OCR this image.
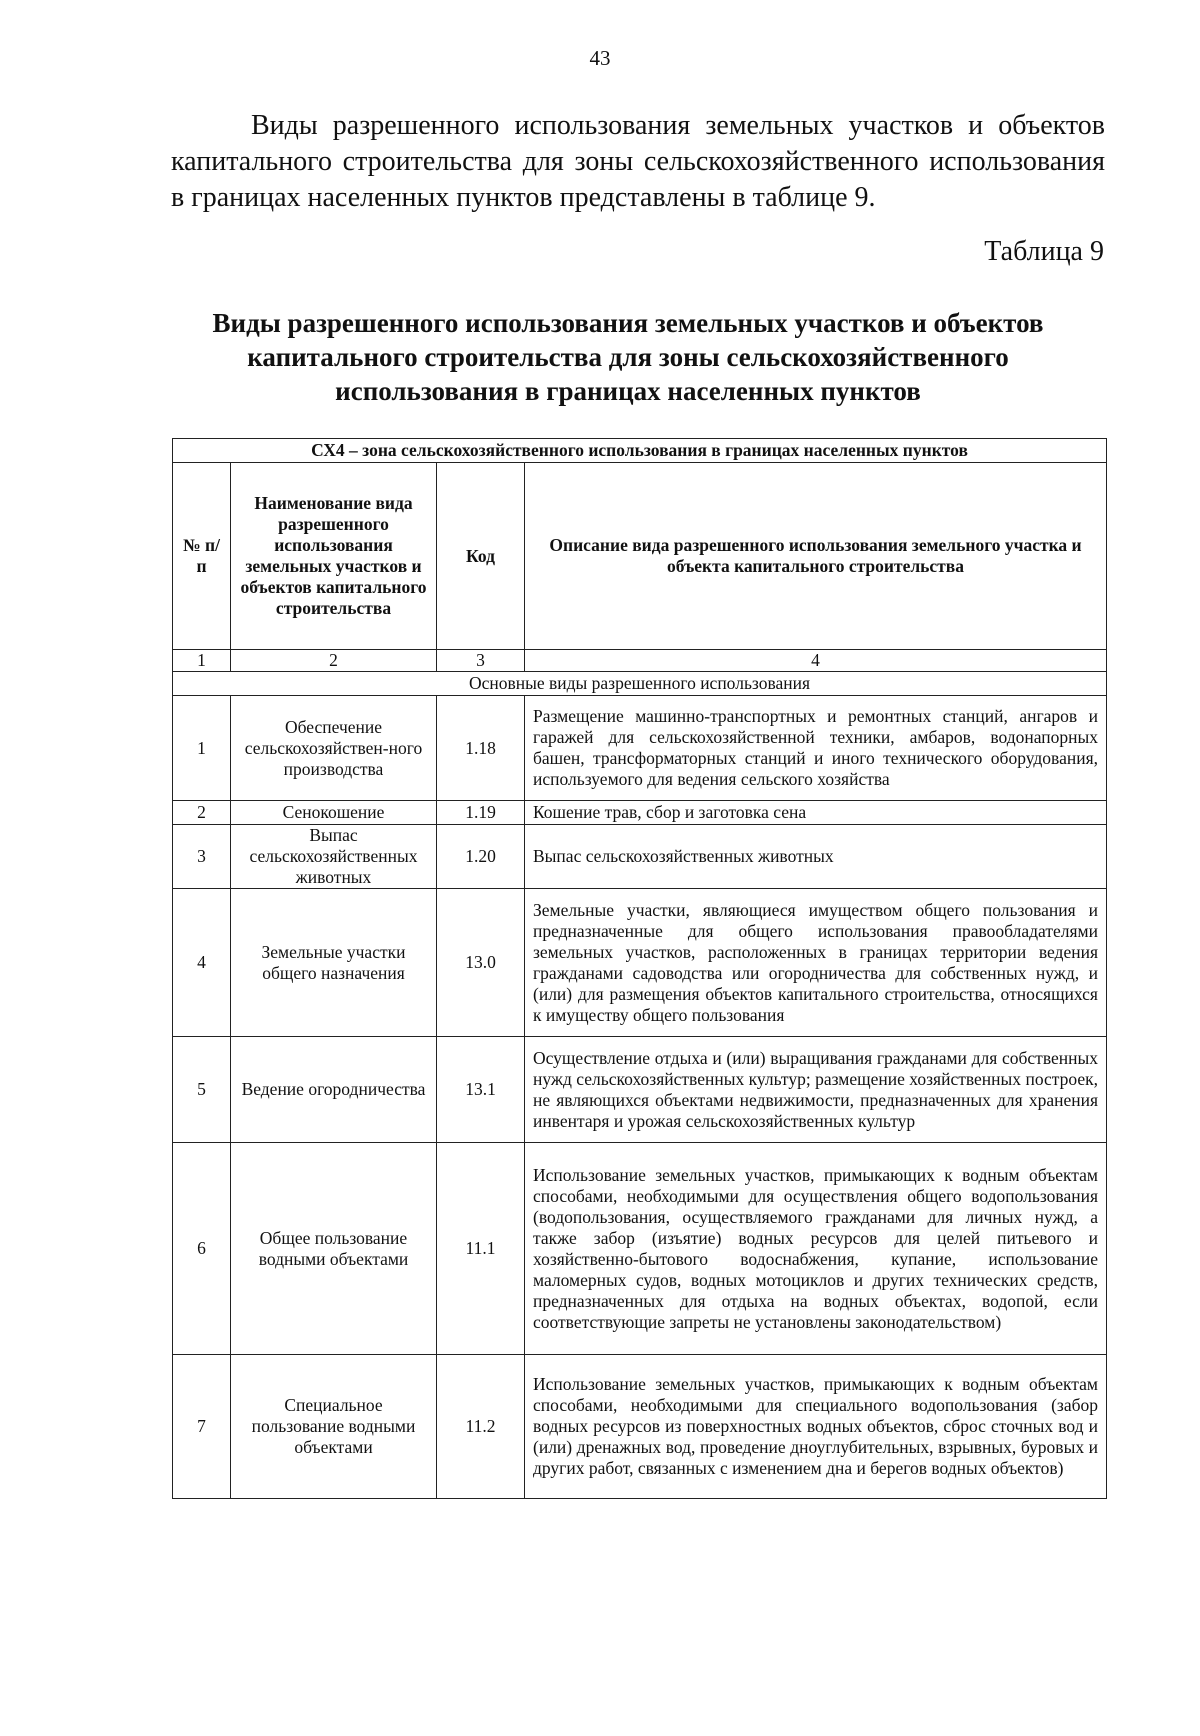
43

Виды разрешенного использования земельных участков и объектов капитального строительства для зоны сельскохозяйственного использования в границах населенных пунктов представлены в таблице 9.

Таблица 9
Виды разрешенного использования земельных участков и объектов капитального строительства для зоны сельскохозяйственного использования в границах населенных пунктов
СХ4 – зона сельскохозяйственного использования в границах населенных пунктов			
№ п/п	Наименование вида разрешенного использования земельных участков и объектов капитального строительства	Код	Описание вида разрешенного использования земельного участка и объекта капитального строительства
1	2	3	4
Основные виды разрешенного использования			
1	Обеспечение сельскохозяйствен-ного производства	1.18	Размещение машинно-транспортных и ремонтных станций, ангаров и гаражей для сельскохозяйственной техники, амбаров, водонапорных башен, трансформаторных станций и иного технического оборудования, используемого для ведения сельского хозяйства
2	Сенокошение	1.19	Кошение трав, сбор и заготовка сена
3	Выпас сельскохозяйственных животных	1.20	Выпас сельскохозяйственных животных
4	Земельные участки общего назначения	13.0	Земельные участки, являющиеся имуществом общего пользования и предназначенные для общего использования правообладателями земельных участков, расположенных в границах территории ведения гражданами садоводства или огородничества для собственных нужд, и (или) для размещения объектов капитального строительства, относящихся к имуществу общего пользования
5	Ведение огородничества	13.1	Осуществление отдыха и (или) выращивания гражданами для собственных нужд сельскохозяйственных культур; размещение хозяйственных построек, не являющихся объектами недвижимости, предназначенных для хранения инвентаря и урожая сельскохозяйственных культур
6	Общее пользование водными объектами	11.1	Использование земельных участков, примыкающих к водным объектам способами, необходимыми для осуществления общего водопользования (водопользования, осуществляемого гражданами для личных нужд, а также забор (изъятие) водных ресурсов для целей питьевого и хозяйственно-бытового водоснабжения, купание, использование маломерных судов, водных мотоциклов и других технических средств, предназначенных для отдыха на водных объектах, водопой, если соответствующие запреты не установлены законодательством)
7	Специальное пользование водными объектами	11.2	Использование земельных участков, примыкающих к водным объектам способами, необходимыми для специального водопользования (забор водных ресурсов из поверхностных водных объектов, сброс сточных вод и (или) дренажных вод, проведение дноуглубительных, взрывных, буровых и других работ, связанных с изменением дна и берегов водных объектов)
